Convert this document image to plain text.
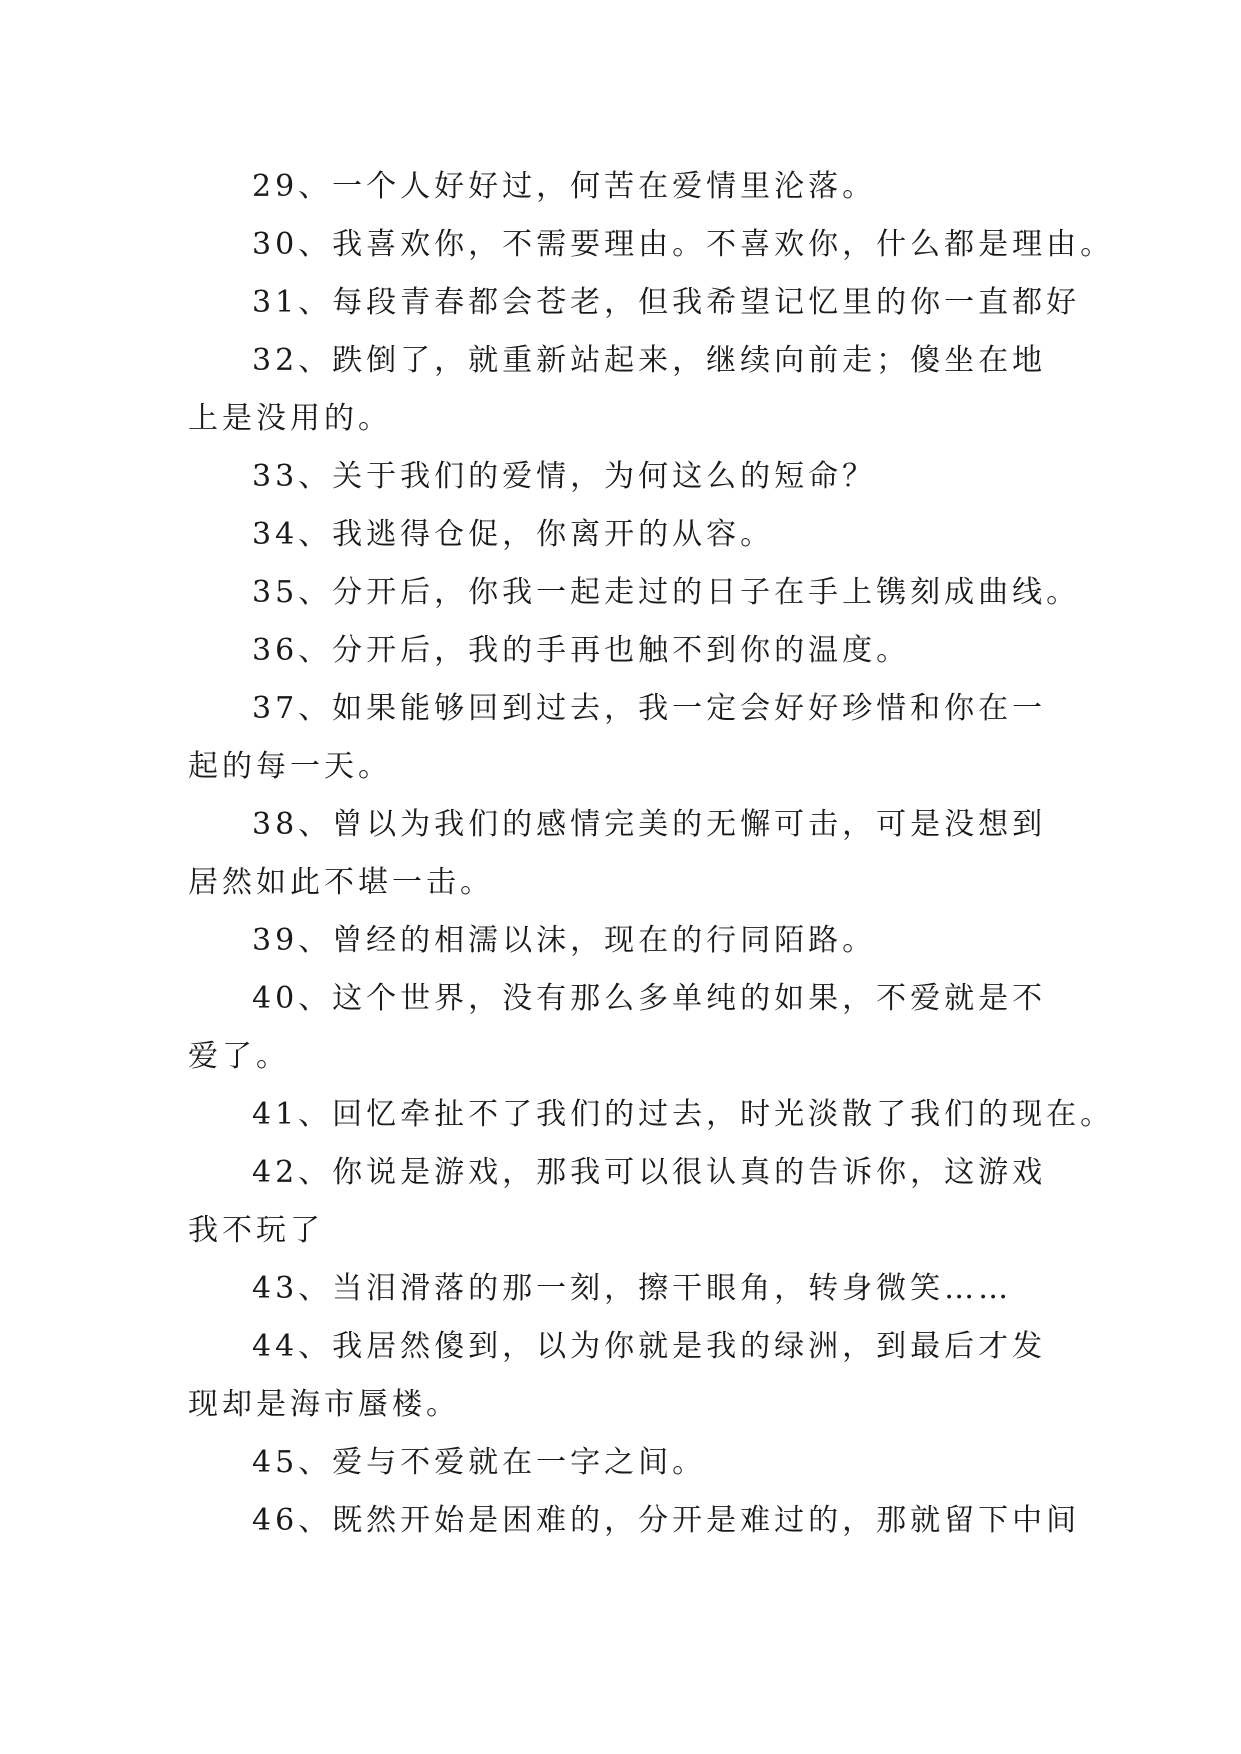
29、一个人好好过，何苦在爱情里沦落。

30、我喜欢你，不需要理由。不喜欢你，什么都是理由。

31、每段青春都会苍老，但我希望记忆里的你一直都好

32、跌倒了，就重新站起来，继续向前走；傻坐在地上是没用的。

33、关于我们的爱情，为何这么的短命？

34、我逃得仓促，你离开的从容。

35、分开后，你我一起走过的日子在手上镌刻成曲线。

36、分开后，我的手再也触不到你的温度。

37、如果能够回到过去，我一定会好好珍惜和你在一起的每一天。

38、曾以为我们的感情完美的无懈可击，可是没想到居然如此不堪一击。

39、曾经的相濡以沫，现在的行同陌路。

40、这个世界，没有那么多单纯的如果，不爱就是不爱了。

41、回忆牵扯不了我们的过去，时光淡散了我们的现在。

42、你说是游戏，那我可以很认真的告诉你，这游戏我不玩了

43、当泪滑落的那一刻，擦干眼角，转身微笑……

44、我居然傻到，以为你就是我的绿洲，到最后才发现却是海市蜃楼。

45、爱与不爱就在一字之间。

46、既然开始是困难的，分开是难过的，那就留下中间
